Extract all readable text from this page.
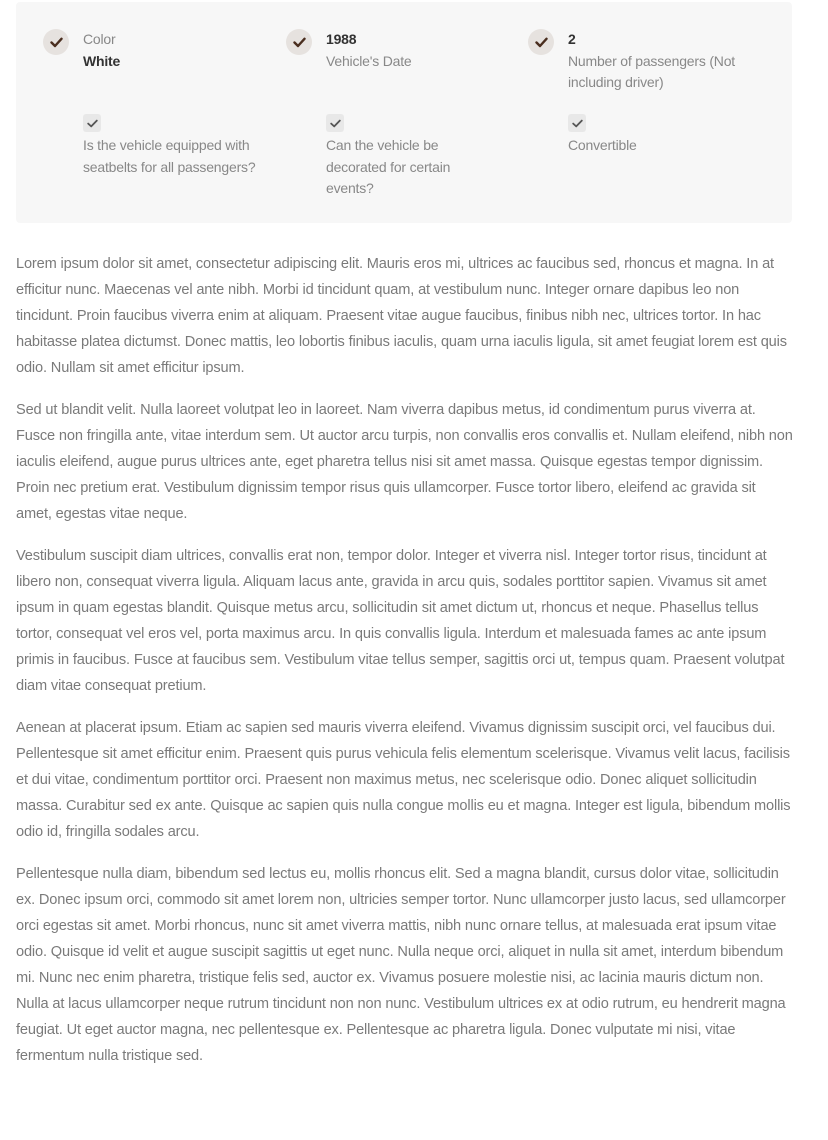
Color
White
1988
Vehicle's Date
2
Number of passengers (Not including driver)
Is the vehicle equipped with seatbelts for all passengers?
Can the vehicle be decorated for certain events?
Convertible

Lorem ipsum dolor sit amet, consectetur adipiscing elit. Mauris eros mi, ultrices ac faucibus sed, rhoncus et magna. In at efficitur nunc. Maecenas vel ante nibh. Morbi id tincidunt quam, at vestibulum nunc. Integer ornare dapibus leo non tincidunt. Proin faucibus viverra enim at aliquam. Praesent vitae augue faucibus, finibus nibh nec, ultrices tortor. In hac habitasse platea dictumst. Donec mattis, leo lobortis finibus iaculis, quam urna iaculis ligula, sit amet feugiat lorem est quis odio. Nullam sit amet efficitur ipsum.

Sed ut blandit velit. Nulla laoreet volutpat leo in laoreet. Nam viverra dapibus metus, id condimentum purus viverra at. Fusce non fringilla ante, vitae interdum sem. Ut auctor arcu turpis, non convallis eros convallis et. Nullam eleifend, nibh non iaculis eleifend, augue purus ultrices ante, eget pharetra tellus nisi sit amet massa. Quisque egestas tempor dignissim. Proin nec pretium erat. Vestibulum dignissim tempor risus quis ullamcorper. Fusce tortor libero, eleifend ac gravida sit amet, egestas vitae neque.

Vestibulum suscipit diam ultrices, convallis erat non, tempor dolor. Integer et viverra nisl. Integer tortor risus, tincidunt at libero non, consequat viverra ligula. Aliquam lacus ante, gravida in arcu quis, sodales porttitor sapien. Vivamus sit amet ipsum in quam egestas blandit. Quisque metus arcu, sollicitudin sit amet dictum ut, rhoncus et neque. Phasellus tellus tortor, consequat vel eros vel, porta maximus arcu. In quis convallis ligula. Interdum et malesuada fames ac ante ipsum primis in faucibus. Fusce at faucibus sem. Vestibulum vitae tellus semper, sagittis orci ut, tempus quam. Praesent volutpat diam vitae consequat pretium.

Aenean at placerat ipsum. Etiam ac sapien sed mauris viverra eleifend. Vivamus dignissim suscipit orci, vel faucibus dui. Pellentesque sit amet efficitur enim. Praesent quis purus vehicula felis elementum scelerisque. Vivamus velit lacus, facilisis et dui vitae, condimentum porttitor orci. Praesent non maximus metus, nec scelerisque odio. Donec aliquet sollicitudin massa. Curabitur sed ex ante. Quisque ac sapien quis nulla congue mollis eu et magna. Integer est ligula, bibendum mollis odio id, fringilla sodales arcu.

Pellentesque nulla diam, bibendum sed lectus eu, mollis rhoncus elit. Sed a magna blandit, cursus dolor vitae, sollicitudin ex. Donec ipsum orci, commodo sit amet lorem non, ultricies semper tortor. Nunc ullamcorper justo lacus, sed ullamcorper orci egestas sit amet. Morbi rhoncus, nunc sit amet viverra mattis, nibh nunc ornare tellus, at malesuada erat ipsum vitae odio. Quisque id velit et augue suscipit sagittis ut eget nunc. Nulla neque orci, aliquet in nulla sit amet, interdum bibendum mi. Nunc nec enim pharetra, tristique felis sed, auctor ex. Vivamus posuere molestie nisi, ac lacinia mauris dictum non. Nulla at lacus ullamcorper neque rutrum tincidunt non non nunc. Vestibulum ultrices ex at odio rutrum, eu hendrerit magna feugiat. Ut eget auctor magna, nec pellentesque ex. Pellentesque ac pharetra ligula. Donec vulputate mi nisi, vitae fermentum nulla tristique sed.
